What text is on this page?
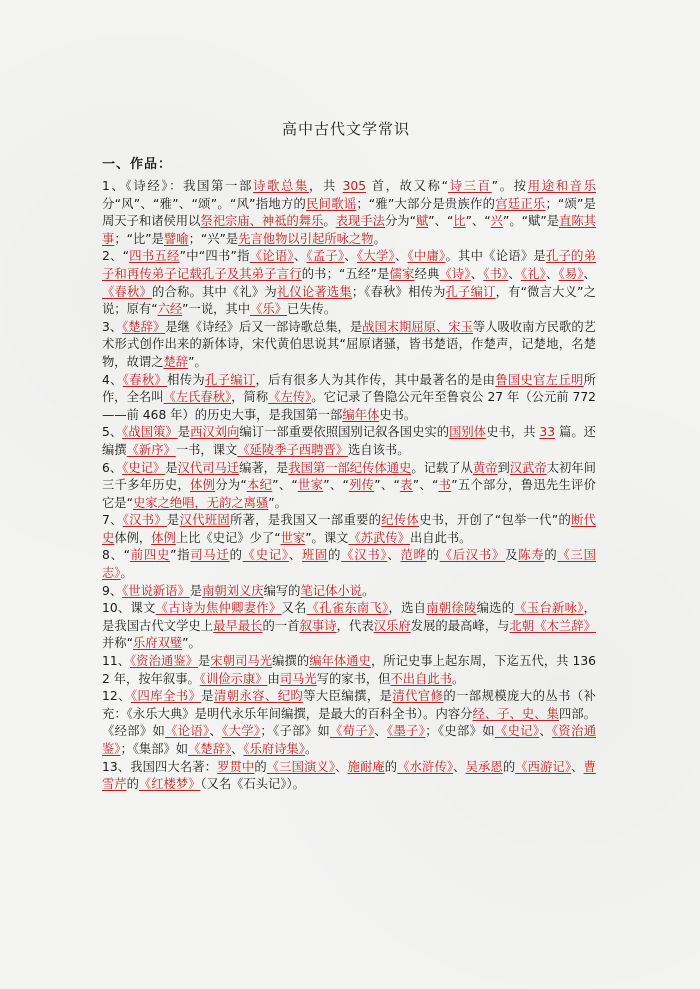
高中古代文学常识
一、作品：

1、《诗经》：我国第一部诗歌总集，共 305 首，故又称“诗三百”。按用途和音乐分“风”、“雅”、“颂”。“风”指地方的民间歌谣；“雅”大部分是贵族作的宫廷正乐；“颂”是周天子和诸侯用以祭祀宗庙、神祗的舞乐。表现手法分为“赋”、“比”、“兴”。“赋”是直陈其事；“比”是譬喻；“兴”是先言他物以引起所咏之物。

2、“四书五经”中“四书”指《论语》、《孟子》、《大学》、《中庸》。其中《论语》是孔子的弟子和再传弟子记载孔子及其弟子言行的书；“五经”是儒家经典《诗》、《书》、《礼》、《易》、《春秋》的合称。其中《礼》为礼仪论著选集；《春秋》相传为孔子编订，有“微言大义”之说；原有“六经”一说，其中《乐》已失传。

3、《楚辞》是继《诗经》后又一部诗歌总集，是战国末期屈原、宋玉等人吸收南方民歌的艺术形式创作出来的新体诗，宋代黄伯思说其“屈原诸骚，皆书楚语，作楚声，记楚地，名楚物，故谓之楚辞”。

4、《春秋》相传为孔子编订，后有很多人为其作传，其中最著名的是由鲁国史官左丘明所作，全名叫《左氏春秋》，简称《左传》。它记录了鲁隐公元年至鲁哀公 27 年（公元前 772——前 468 年）的历史大事，是我国第一部编年体史书。

5、《战国策》是西汉刘向编订一部重要依照国别记叙各国史实的国别体史书，共 33 篇。还编撰《新序》一书，课文《延陵季子西聘晋》选自该书。

6、《史记》是汉代司马迁编著，是我国第一部纪传体通史。记载了从黄帝到汉武帝太初年间三千多年历史，体例分为“本纪”、“世家”、“列传”、“表”、“书”五个部分，鲁迅先生评价它是“史家之绝唱，无韵之离骚”。

7、《汉书》是汉代班固所著，是我国又一部重要的纪传体史书，开创了“包举一代”的断代史体例，体例上比《史记》少了“世家”。课文《苏武传》出自此书。

8、“前四史”指司马迁的《史记》、班固的《汉书》、范晔的《后汉书》及陈寿的《三国志》。

9、《世说新语》是南朝刘义庆编写的笔记体小说。

10、课文《古诗为焦仲卿妻作》又名《孔雀东南飞》，选自南朝徐陵编选的《玉台新咏》，是我国古代文学史上最早最长的一首叙事诗，代表汉乐府发展的最高峰，与北朝《木兰辞》并称“乐府双璧”。

11、《资治通鉴》是宋朝司马光编撰的编年体通史，所记史事上起东周，下迄五代，共 1362 年，按年叙事。《训俭示康》由司马光写的家书，但不出自此书。

12、《四库全书》是清朝永容、纪昀等大臣编撰，是清代官修的一部规模庞大的丛书（补充：《永乐大典》是明代永乐年间编撰，是最大的百科全书）。内容分经、子、史、集四部。《经部》如《论语》、《大学》；《子部》如《荀子》、《墨子》；《史部》如《史记》、《资治通鉴》；《集部》如《楚辞》、《乐府诗集》。

13、我国四大名著：罗贯中的《三国演义》、施耐庵的《水浒传》、吴承恩的《西游记》、曹雪芹的《红楼梦》（又名《石头记》）。
